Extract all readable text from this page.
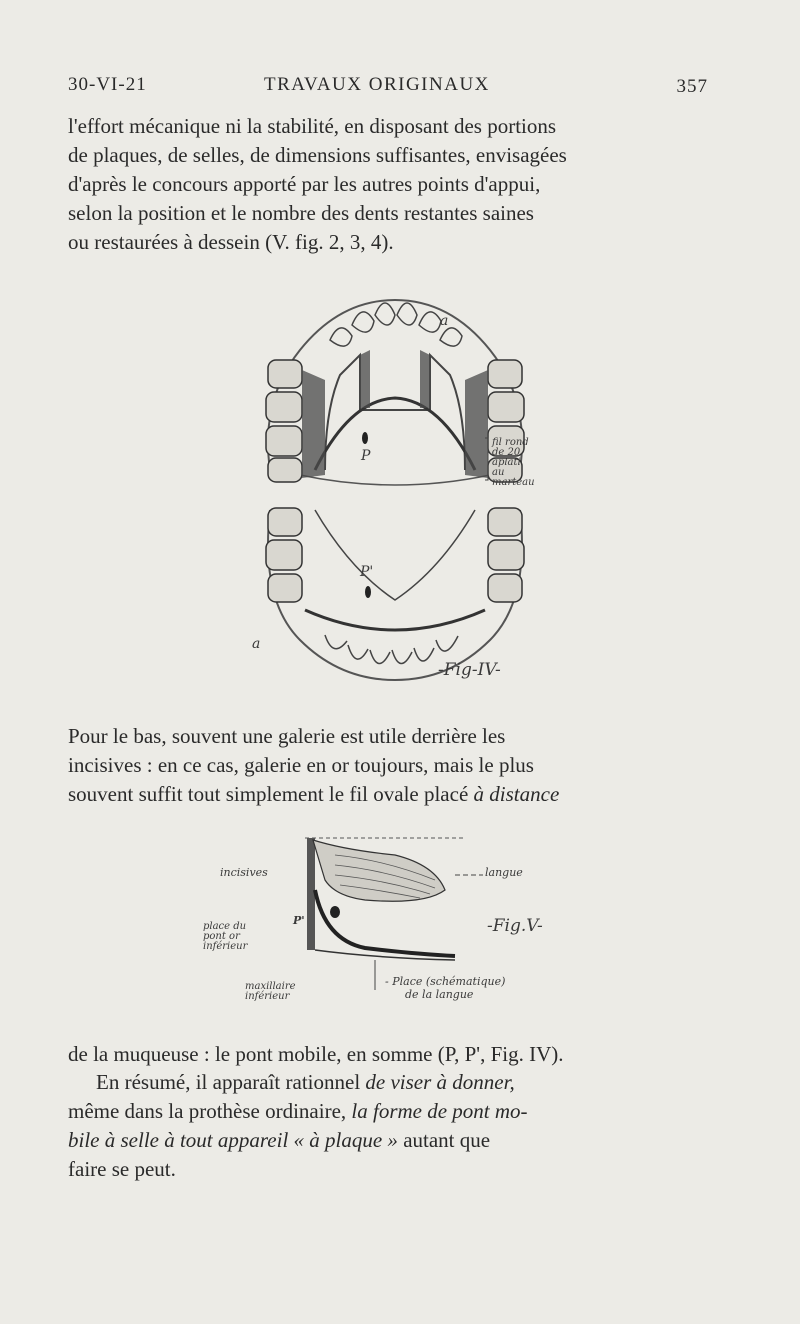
30-VI-21	TRAVAUX ORIGINAUX	357
l'effort mécanique ni la stabilité, en disposant des portions
de plaques, de selles, de dimensions suffisantes, envisagées
d'après le concours apporté par les autres points d'appui,
selon la position et le nombre des dents restantes saines
ou restaurées à dessein (V. fig. 2, 3, 4).
P
P'
a
a
fil rond
de 20
aplati
au
marteau
-Fig-IV-
Pour le bas, souvent une galerie est utile derrière les
incisives : en ce cas, galerie en or toujours, mais le plus
souvent suffit tout simplement le fil ovale placé à distance
incisives	langue
place du
pont or
inférieur
P'	-Fig.V-
maxillaire
inférieur
- Place (schématique)
de la langue
de la muqueuse : le pont mobile, en somme (P, P', Fig. IV).
En résumé, il apparaît rationnel de viser à donner,
même dans la prothèse ordinaire, la forme de pont mo-
bile à selle à tout appareil « à plaque » autant que
faire se peut.
